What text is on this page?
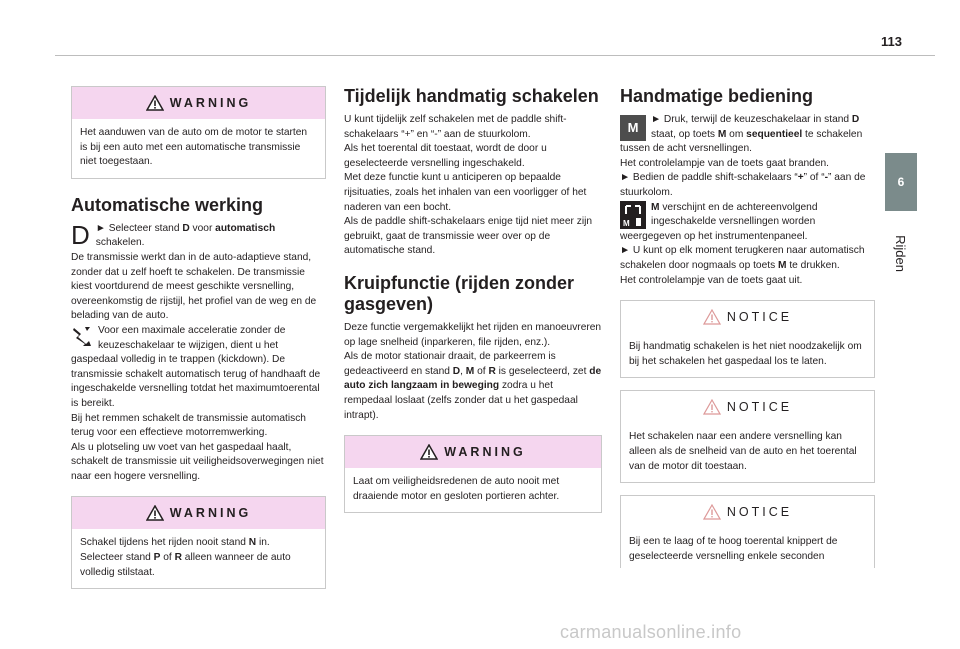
113
6
Rijden
WARNING
Het aanduwen van de auto om de motor te starten is bij een auto met een automatische transmissie niet toegestaan.
Automatische werking
D ► Selecteer stand D voor automatisch schakelen.
De transmissie werkt dan in de auto-adaptieve stand, zonder dat u zelf hoeft te schakelen. De transmissie kiest voortdurend de meest geschikte versnelling, overeenkomstig de rijstijl, het profiel van de weg en de belading van de auto.
Voor een maximale acceleratie zonder de keuzeschakelaar te wijzigen, dient u het gaspedaal volledig in te trappen (kickdown). De transmissie schakelt automatisch terug of handhaaft de ingeschakelde versnelling totdat het maximumtoerental is bereikt.
Bij het remmen schakelt de transmissie automatisch terug voor een effectieve motorremwerking.
Als u plotseling uw voet van het gaspedaal haalt, schakelt de transmissie uit veiligheidsoverwegingen niet naar een hogere versnelling.
WARNING
Schakel tijdens het rijden nooit stand N in.
Selecteer stand P of R alleen wanneer de auto volledig stilstaat.
Tijdelijk handmatig schakelen
U kunt tijdelijk zelf schakelen met de paddle shift-schakelaars “+” en “-” aan de stuurkolom.
Als het toerental dit toestaat, wordt de door u geselecteerde versnelling ingeschakeld.
Met deze functie kunt u anticiperen op bepaalde rijsituaties, zoals het inhalen van een voorligger of het naderen van een bocht.
Als de paddle shift-schakelaars enige tijd niet meer zijn gebruikt, gaat de transmissie weer over op de automatische stand.
Kruipfunctie (rijden zonder gasgeven)
Deze functie vergemakkelijkt het rijden en manoeuvreren op lage snelheid (inparkeren, file rijden, enz.).
Als de motor stationair draait, de parkeerrem is gedeactiveerd en stand D, M of R is geselecteerd, zet de auto zich langzaam in beweging zodra u het rempedaal loslaat (zelfs zonder dat u het gaspedaal intrapt).
WARNING
Laat om veiligheidsredenen de auto nooit met draaiende motor en gesloten portieren achter.
Handmatige bediening
M
► Druk, terwijl de keuzeschakelaar in stand D staat, op toets M om sequentieel te schakelen tussen de acht versnellingen.
Het controlelampje van de toets gaat branden.
► Bedien de paddle shift-schakelaars “+” of “-” aan de stuurkolom.
M
M verschijnt en de achtereenvolgend ingeschakelde versnellingen worden weergegeven op het instrumentenpaneel.
► U kunt op elk moment terugkeren naar automatisch schakelen door nogmaals op toets M te drukken.
Het controlelampje van de toets gaat uit.
NOTICE
Bij handmatig schakelen is het niet noodzakelijk om bij het schakelen het gaspedaal los te laten.
NOTICE
Het schakelen naar een andere versnelling kan alleen als de snelheid van de auto en het toerental van de motor dit toestaan.
NOTICE
Bij een te laag of te hoog toerental knippert de geselecteerde versnelling enkele seconden
carmanualsonline.info
